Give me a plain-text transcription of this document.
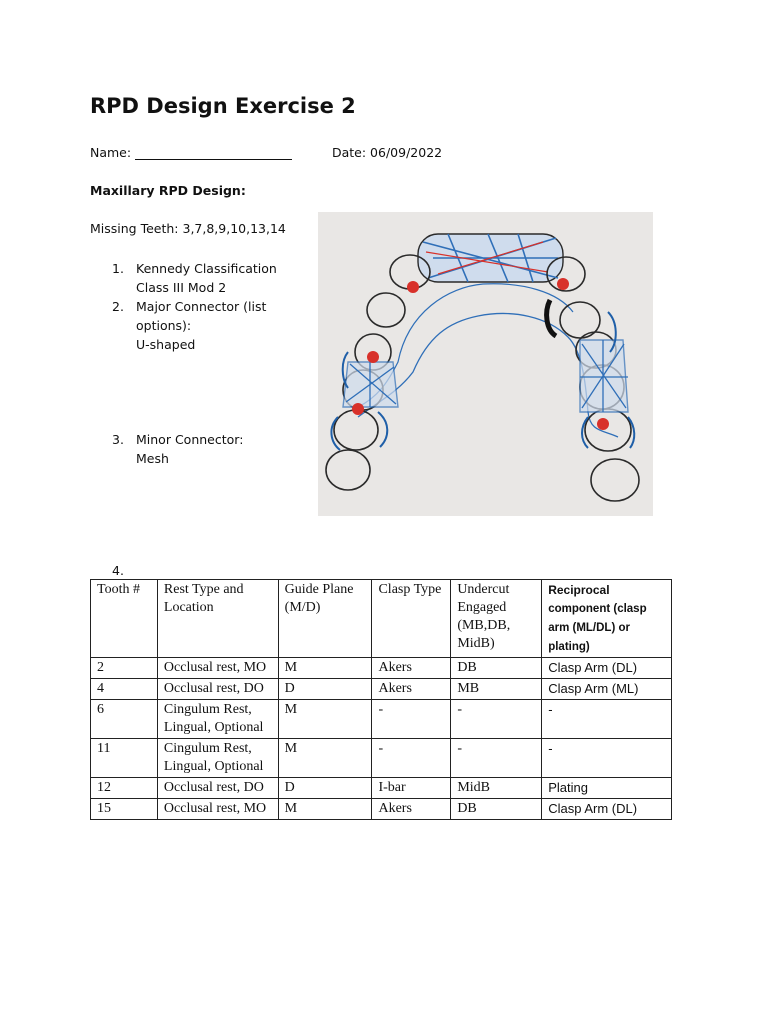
RPD Design Exercise 2
Name:	Date: 06/09/2022
Maxillary RPD Design:
Missing Teeth: 3,7,8,9,10,13,14
1. Kennedy Classification Class III Mod 2
2. Major Connector (list options):
U-shaped
3. Minor Connector:
Mesh
4.
Tooth #	Rest Type and Location	Guide Plane (M/D)	Clasp Type	Undercut Engaged (MB,DB, MidB)	Reciprocal
component (clasp arm (ML/DL) or plating)
2	Occlusal rest, MO	M	Akers	DB	Clasp Arm (DL)
4	Occlusal rest, DO	D	Akers	MB	Clasp Arm (ML)
6	Cingulum Rest, Lingual, Optional	M	-	-	-
11	Cingulum Rest, Lingual, Optional	M	-	-	-
12	Occlusal rest, DO	D	I-bar	MidB	Plating
15	Occlusal rest, MO	M	Akers	DB	Clasp Arm (DL)
